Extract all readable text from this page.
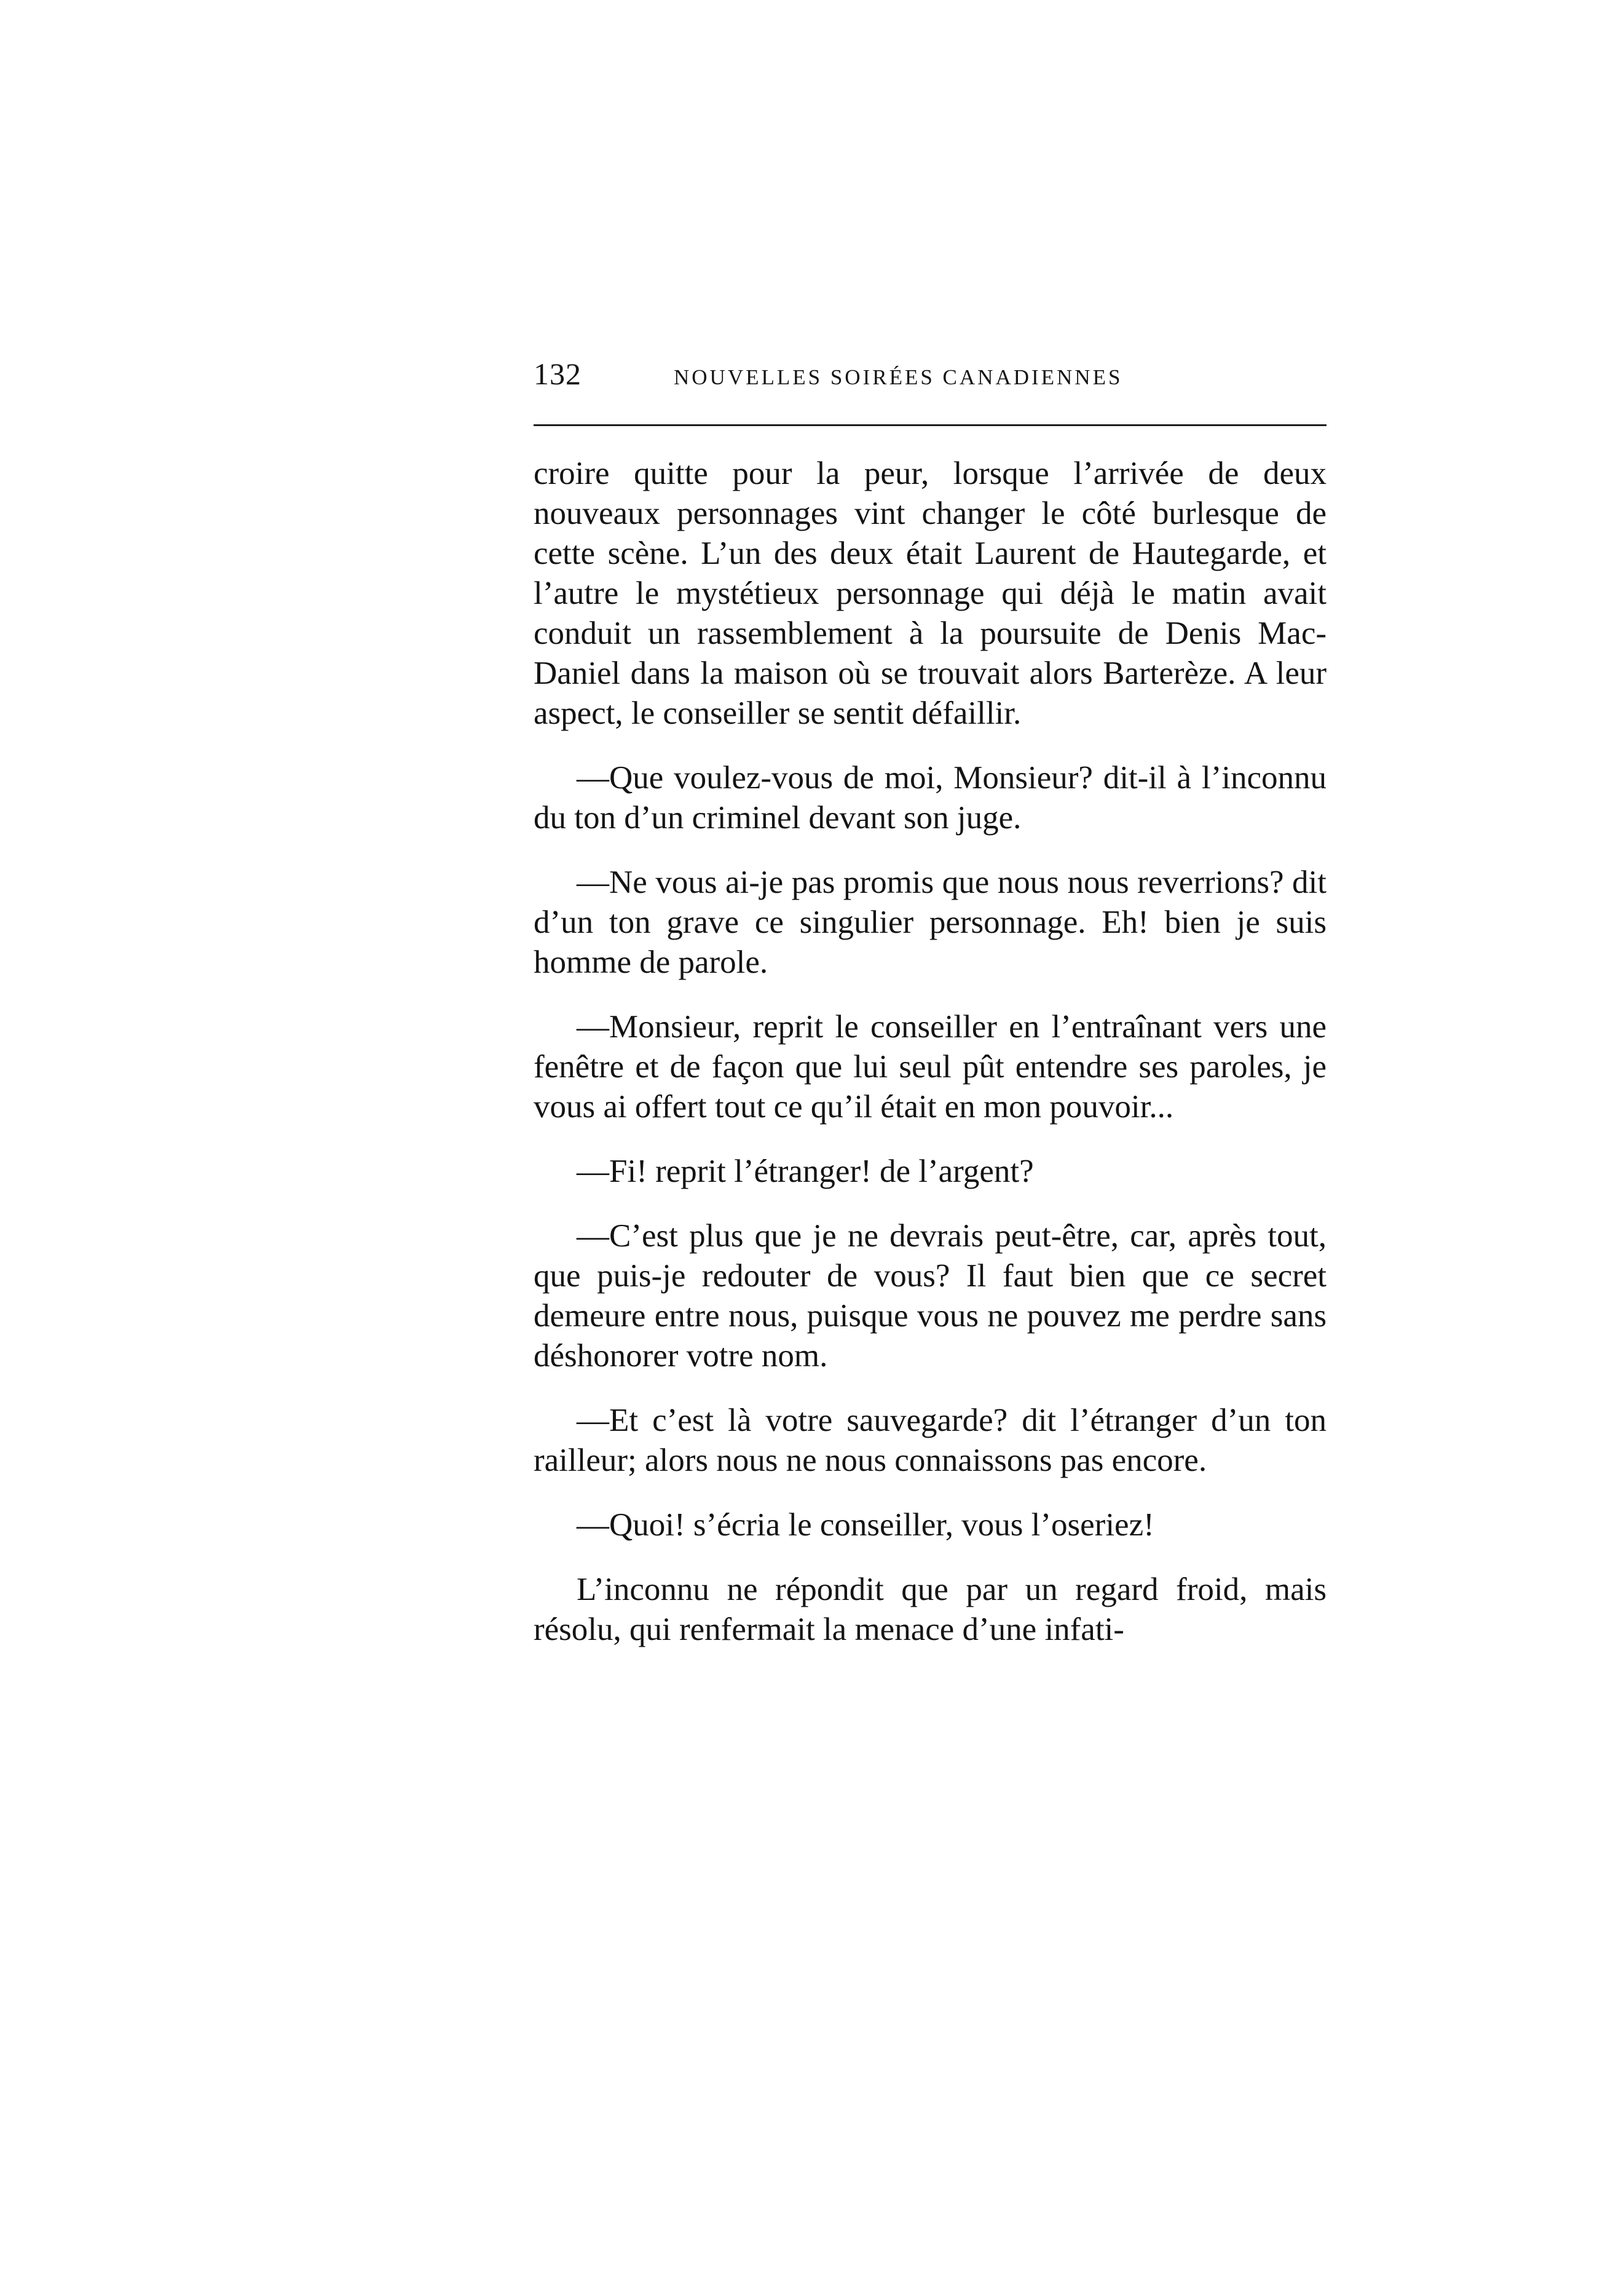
132	NOUVELLES SOIRÉES CANADIENNES

croire quitte pour la peur, lorsque l’arrivée de deux nouveaux personnages vint changer le côté burlesque de cette scène. L’un des deux était Laurent de Hautegarde, et l’autre le mystétieux personnage qui déjà le matin avait conduit un rassemblement à la poursuite de Denis Mac-Daniel dans la maison où se trouvait alors Barterèze. A leur aspect, le conseiller se sentit défaillir.

—Que voulez-vous de moi, Monsieur? dit-il à l’inconnu du ton d’un criminel devant son juge.

—Ne vous ai-je pas promis que nous nous reverrions? dit d’un ton grave ce singulier personnage. Eh! bien je suis homme de parole.

—Monsieur, reprit le conseiller en l’entraînant vers une fenêtre et de façon que lui seul pût entendre ses paroles, je vous ai offert tout ce qu’il était en mon pouvoir...

—Fi! reprit l’étranger! de l’argent?

—C’est plus que je ne devrais peut-être, car, après tout, que puis-je redouter de vous? Il faut bien que ce secret demeure entre nous, puisque vous ne pouvez me perdre sans déshonorer votre nom.

—Et c’est là votre sauvegarde? dit l’étranger d’un ton railleur; alors nous ne nous connaissons pas encore.

—Quoi! s’écria le conseiller, vous l’oseriez!

L’inconnu ne répondit que par un regard froid, mais résolu, qui renfermait la menace d’une infati-
